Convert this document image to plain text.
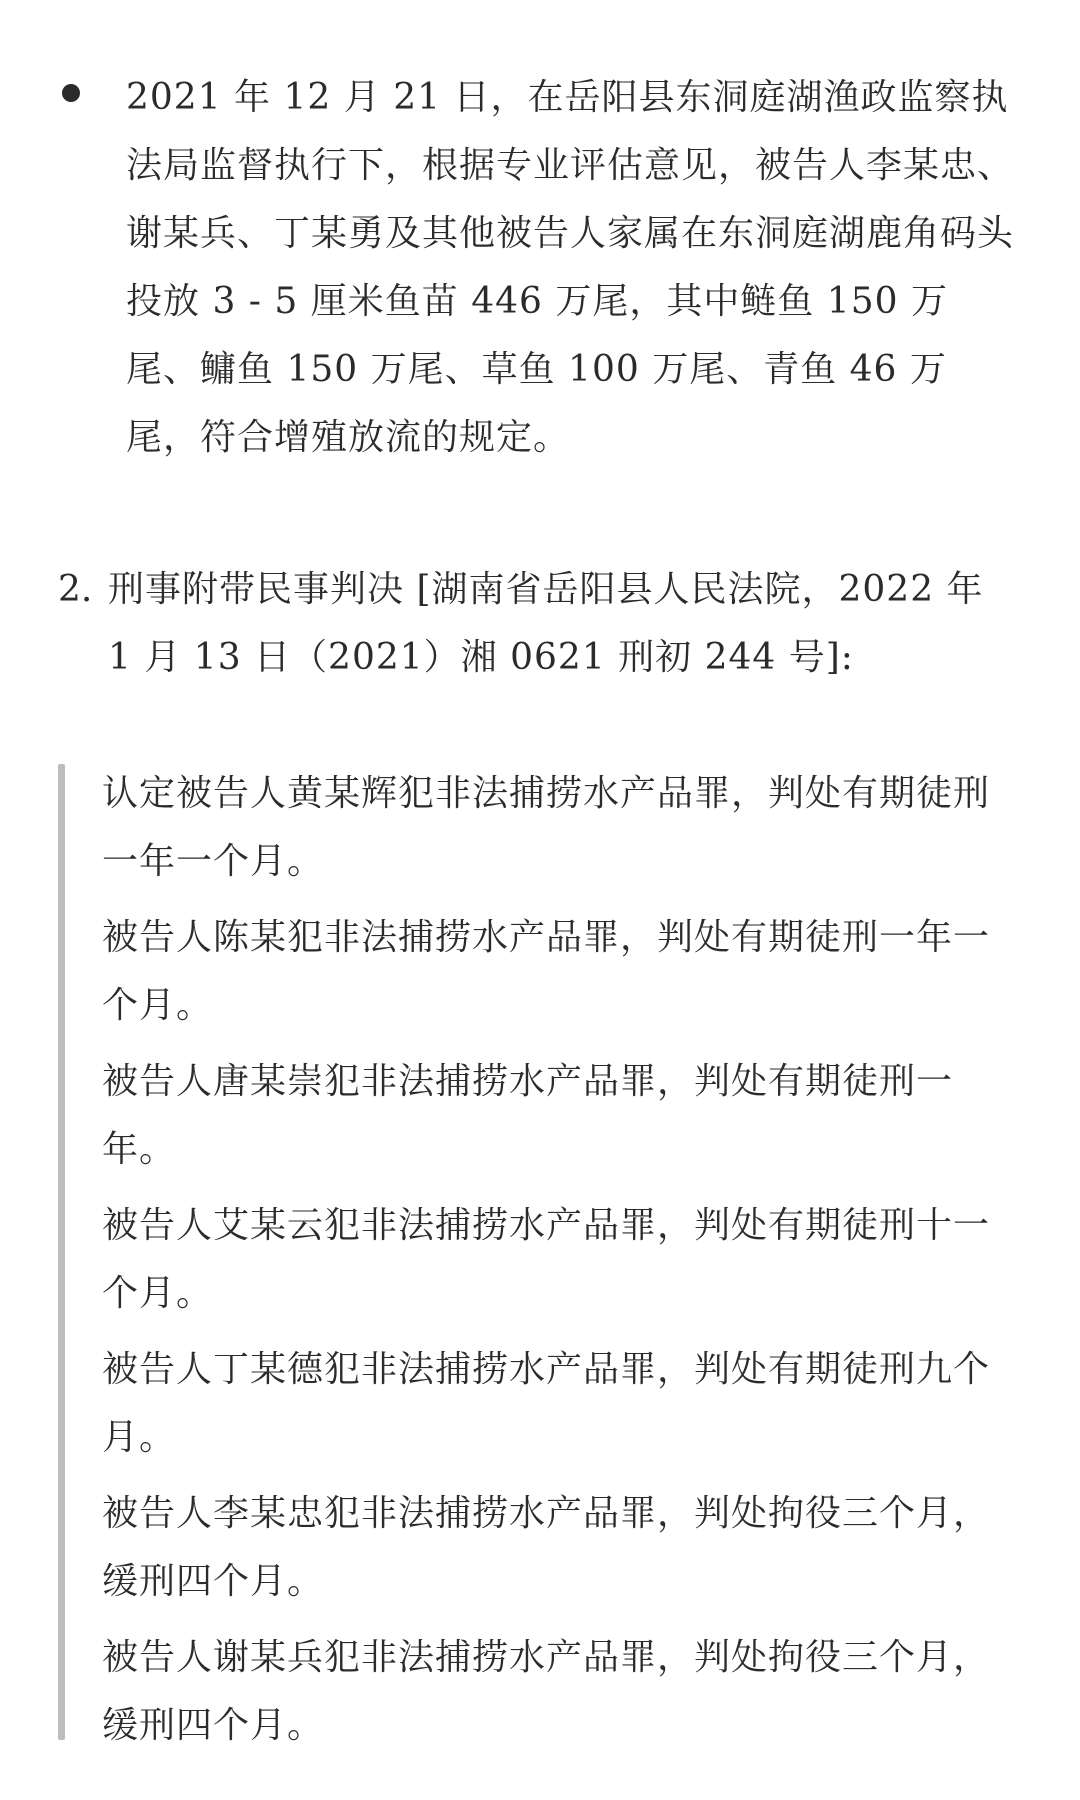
2021 年 12 月 21 日，在岳阳县东洞庭湖渔政监察执法局监督执行下，根据专业评估意见，被告人李某忠、谢某兵、丁某勇及其他被告人家属在东洞庭湖鹿角码头投放 3 - 5 厘米鱼苗 446 万尾，其中鲢鱼 150 万尾、鳙鱼 150 万尾、草鱼 100 万尾、青鱼 46 万尾，符合增殖放流的规定。

2. 刑事附带民事判决 [湖南省岳阳县人民法院，2022 年 1 月 13 日（2021）湘 0621 刑初 244 号]:

认定被告人黄某辉犯非法捕捞水产品罪，判处有期徒刑一年一个月。

被告人陈某犯非法捕捞水产品罪，判处有期徒刑一年一个月。

被告人唐某崇犯非法捕捞水产品罪，判处有期徒刑一年。

被告人艾某云犯非法捕捞水产品罪，判处有期徒刑十一个月。

被告人丁某德犯非法捕捞水产品罪，判处有期徒刑九个月。

被告人李某忠犯非法捕捞水产品罪，判处拘役三个月，缓刑四个月。

被告人谢某兵犯非法捕捞水产品罪，判处拘役三个月，缓刑四个月。
